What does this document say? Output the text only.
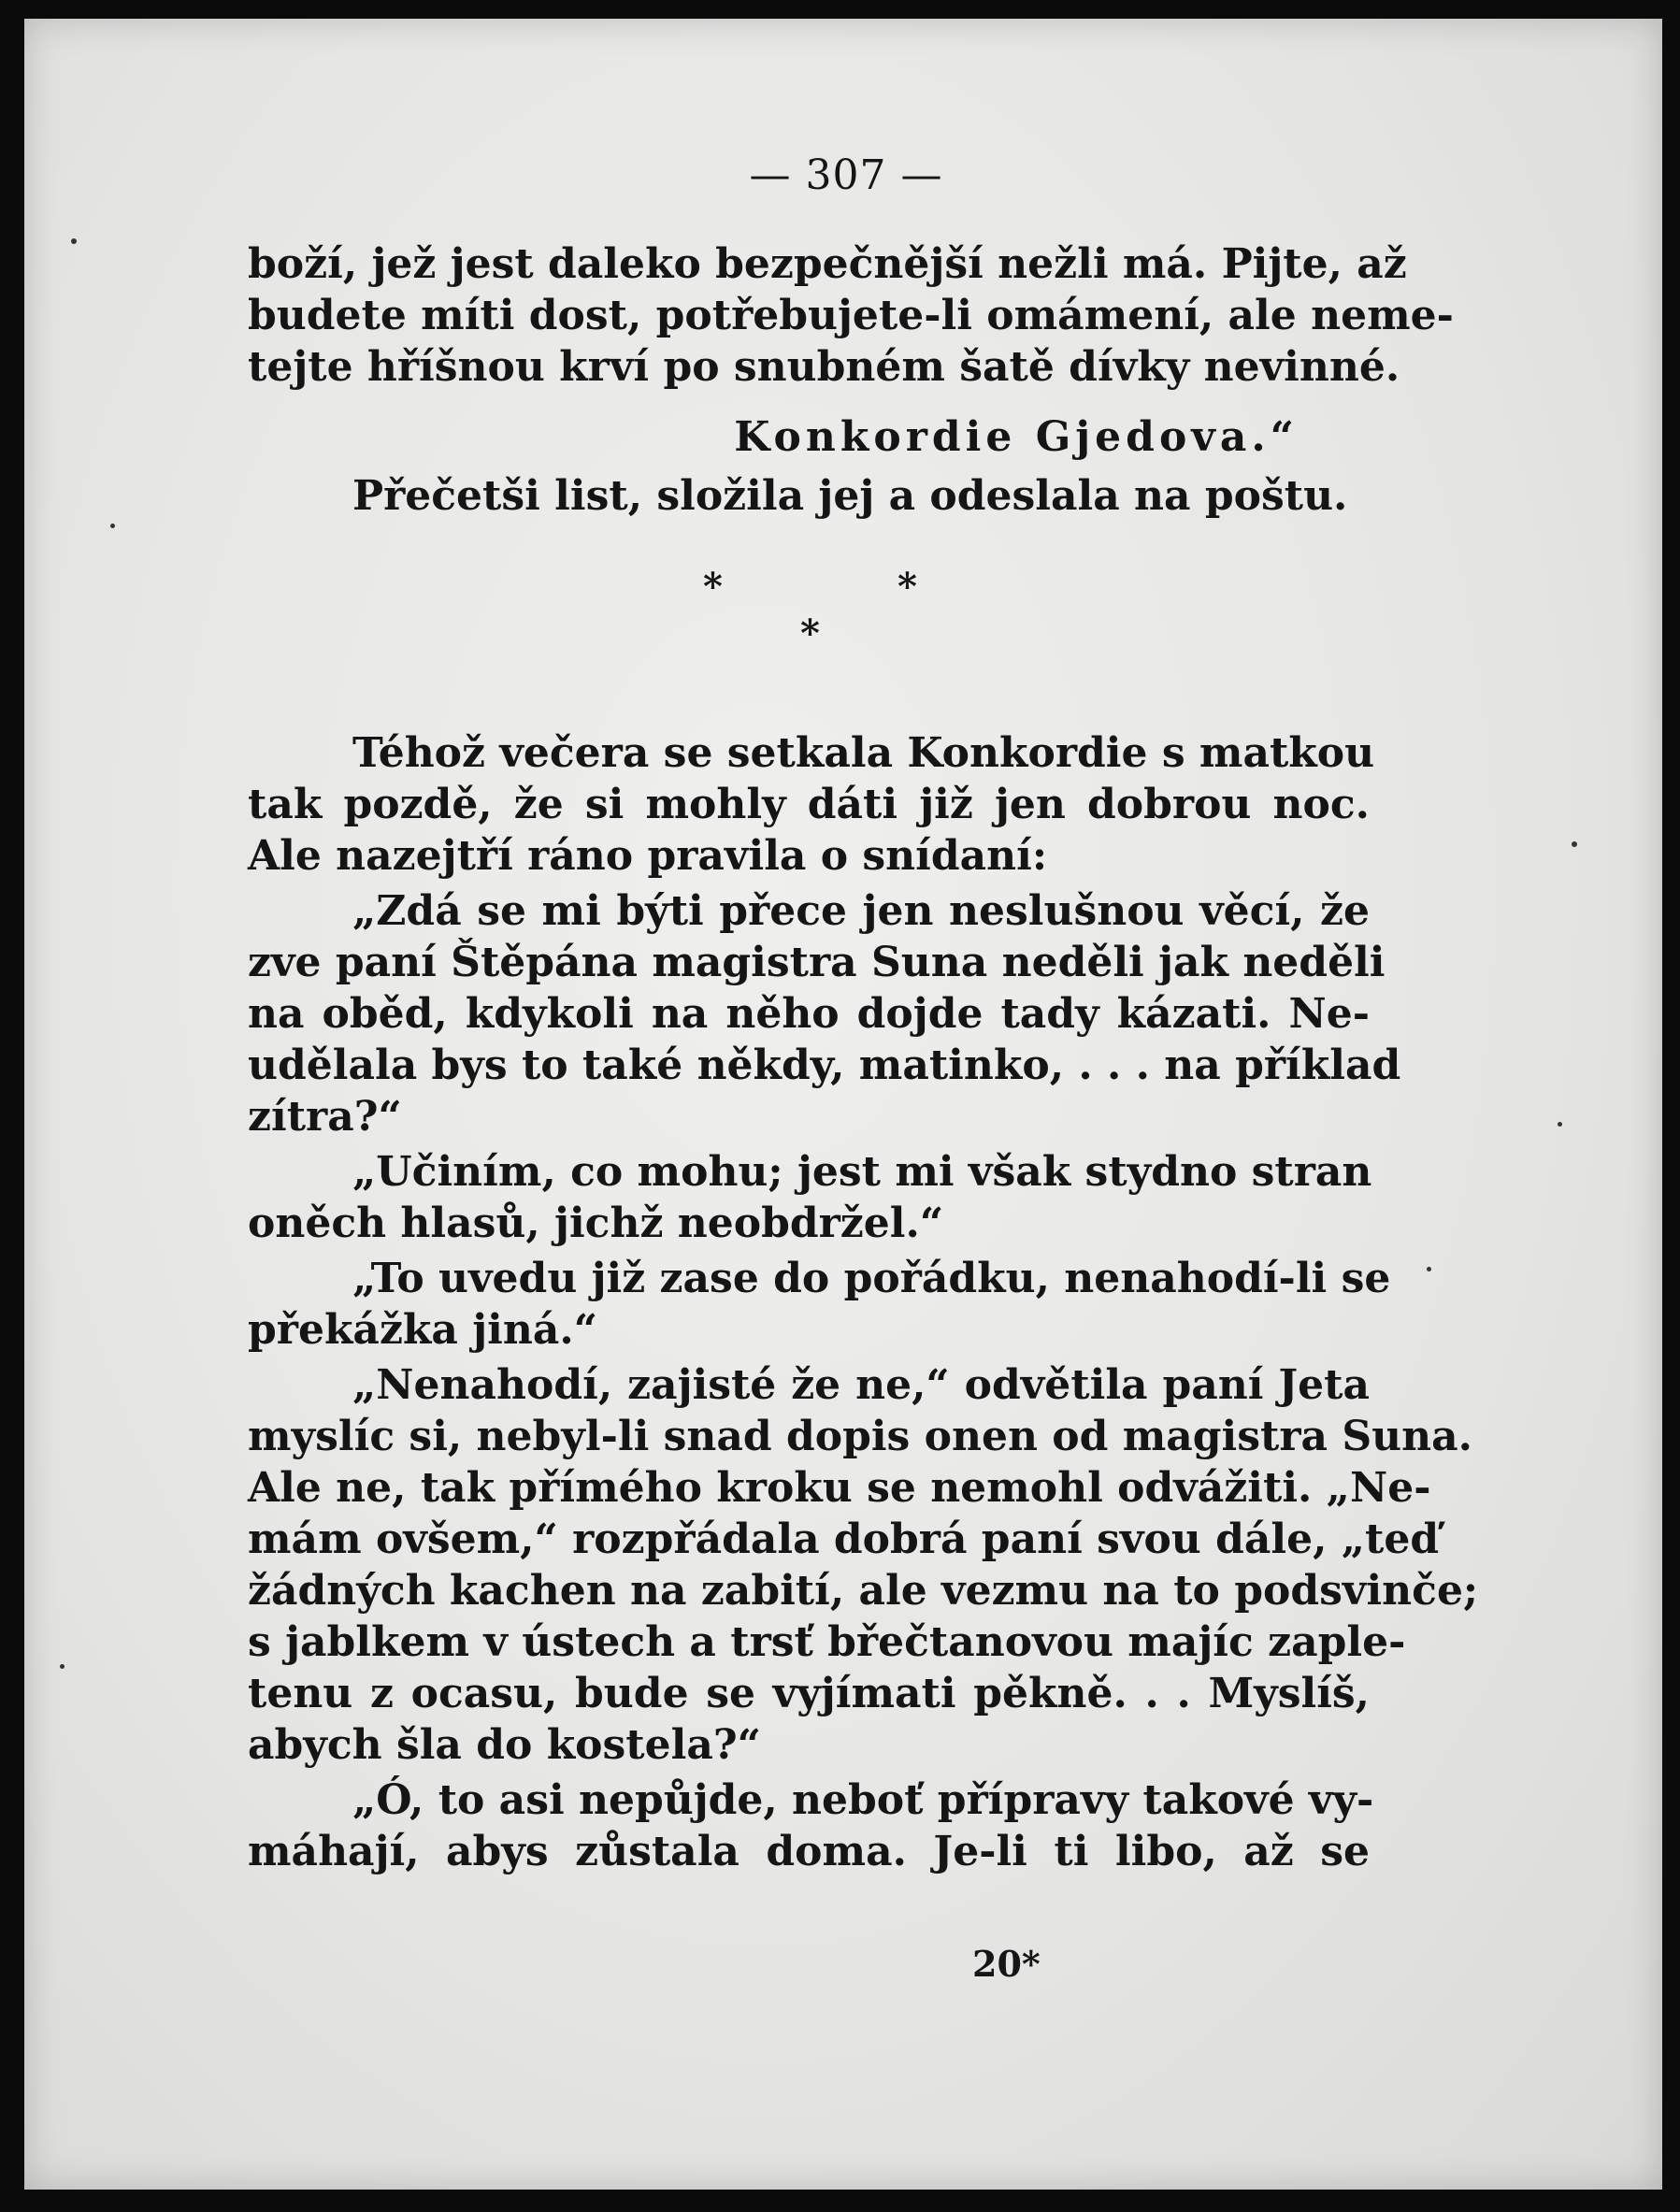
— 307 —
boží, jež jest daleko bezpečnější nežli má. Pijte, až
budete míti dost, potřebujete-li omámení, ale neme-
tejte hříšnou krví po snubném šatě dívky nevinné.
Konkordie Gjedova.“
Přečetši list, složila jej a odeslala na poštu.
*	*
*
Téhož večera se setkala Konkordie s matkou
tak pozdě, že si mohly dáti již jen dobrou noc.
Ale nazejtří ráno pravila o snídaní:
„Zdá se mi býti přece jen neslušnou věcí, že
zve paní Štěpána magistra Suna neděli jak neděli
na oběd, kdykoli na něho dojde tady kázati. Ne-
udělala bys to také někdy, matinko, . . . na příklad
zítra?“
„Učiním, co mohu; jest mi však stydno stran
oněch hlasů, jichž neobdržel.“
„To uvedu již zase do pořádku, nenahodí-li se
překážka jiná.“
„Nenahodí, zajisté že ne,“ odvětila paní Jeta
myslíc si, nebyl-li snad dopis onen od magistra Suna.
Ale ne, tak přímého kroku se nemohl odvážiti. „Ne-
mám ovšem,“ rozpřádala dobrá paní svou dále, „teď
žádných kachen na zabití, ale vezmu na to podsvinče;
s jablkem v ústech a trsť břečtanovou majíc zaple-
tenu z ocasu, bude se vyjímati pěkně. . . Myslíš,
abych šla do kostela?“
„Ó, to asi nepůjde, neboť přípravy takové vy-
máhají, abys zůstala doma. Je-li ti libo, až se
20*
